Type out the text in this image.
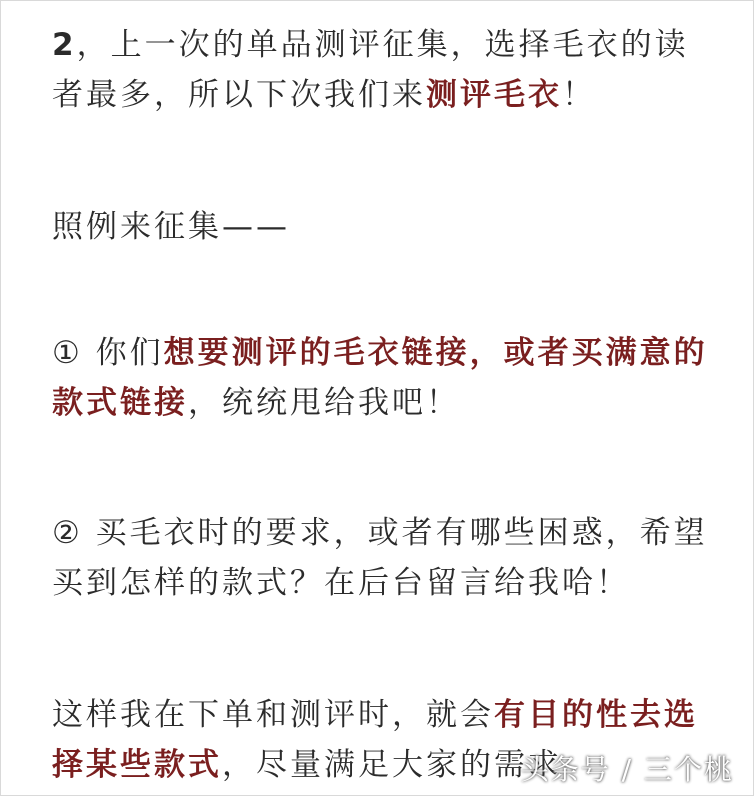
2，上一次的单品测评征集，选择毛衣的读者最多，所以下次我们来测评毛衣！

照例来征集——

① 你们想要测评的毛衣链接，或者买满意的款式链接，统统甩给我吧！

② 买毛衣时的要求，或者有哪些困惑，希望买到怎样的款式？在后台留言给我哈！

这样我在下单和测评时，就会有目的性去选择某些款式，尽量满足大家的需求

头条号 / 三个桃
